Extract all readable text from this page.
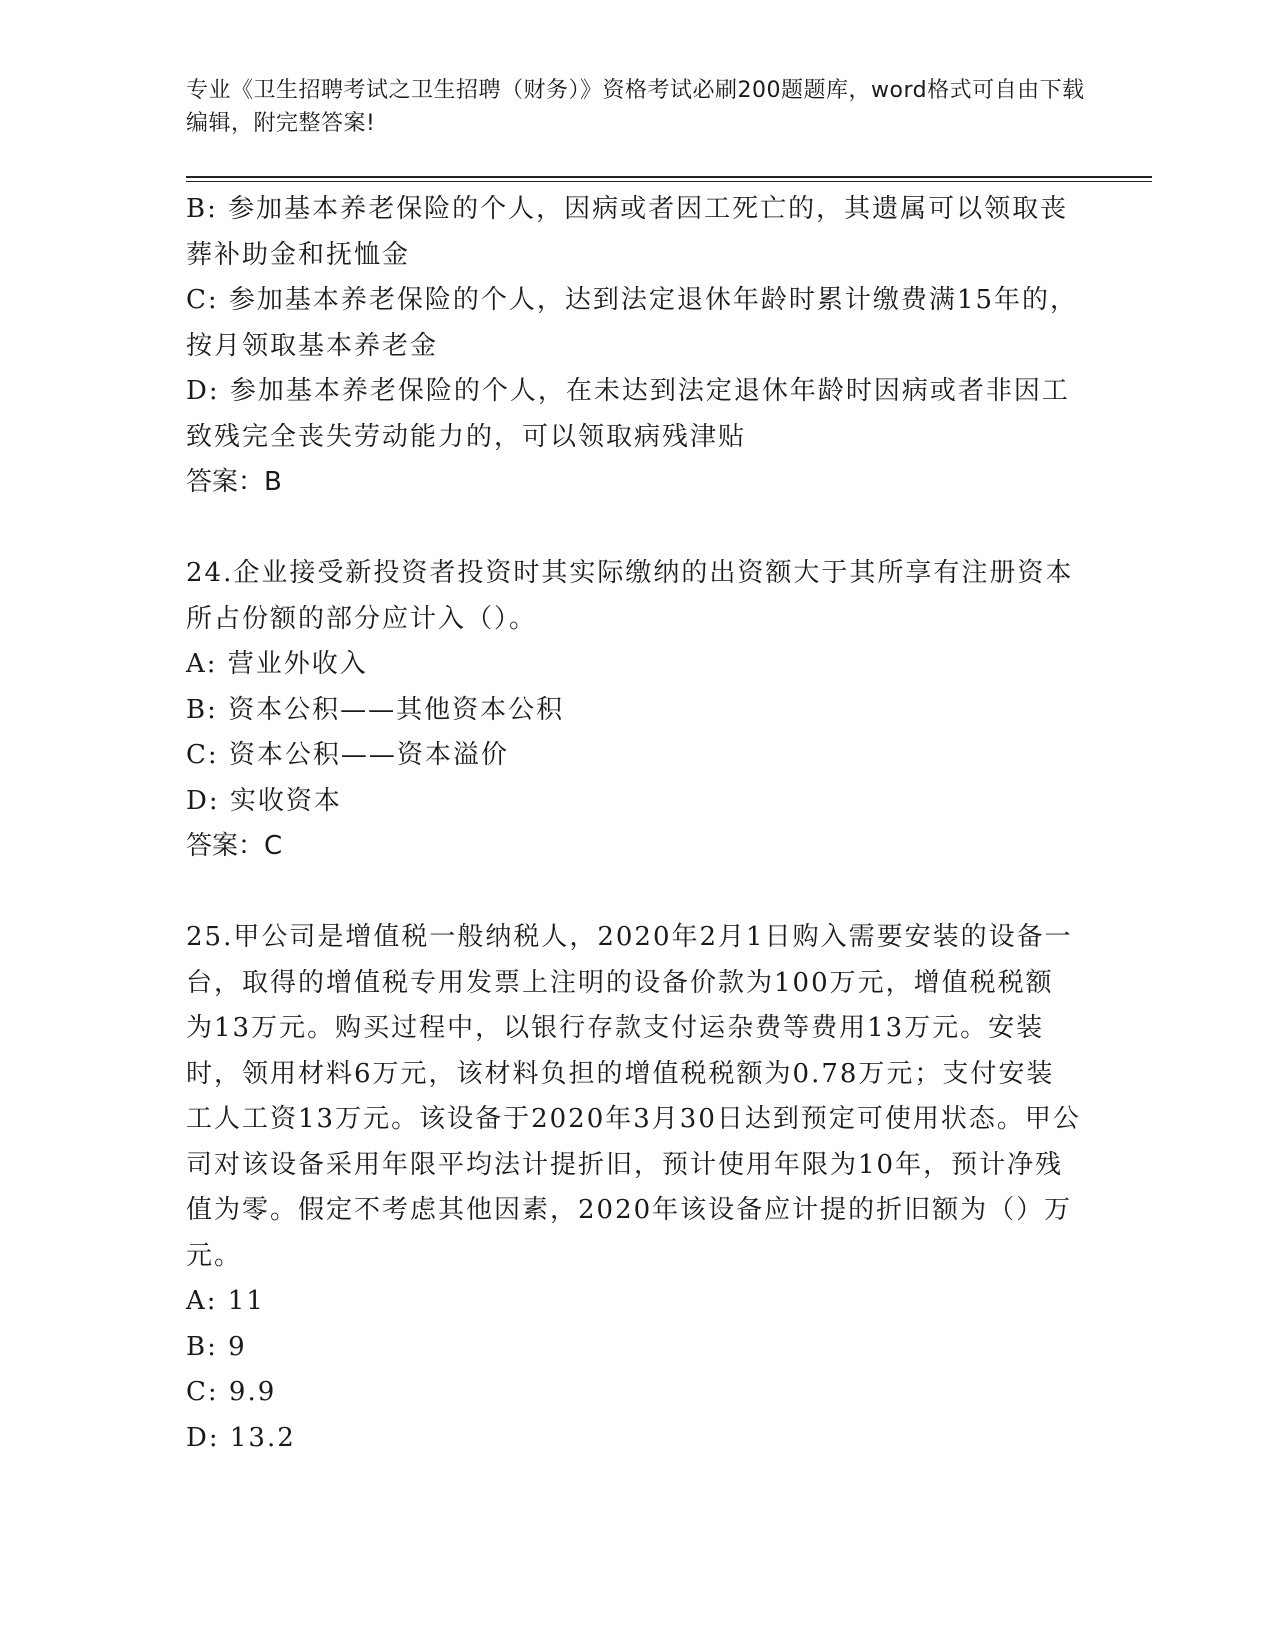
专业《卫生招聘考试之卫生招聘（财务）》资格考试必刷200题题库，word格式可自由下载编辑，附完整答案!

B: 参加基本养老保险的个人，因病或者因工死亡的，其遗属可以领取丧葬补助金和抚恤金

C: 参加基本养老保险的个人，达到法定退休年龄时累计缴费满15年的，按月领取基本养老金

D: 参加基本养老保险的个人，在未达到法定退休年龄时因病或者非因工致残完全丧失劳动能力的，可以领取病残津贴

答案：B

24.企业接受新投资者投资时其实际缴纳的出资额大于其所享有注册资本所占份额的部分应计入（）。

A: 营业外收入

B: 资本公积——其他资本公积

C: 资本公积——资本溢价

D: 实收资本

答案：C

25.甲公司是增值税一般纳税人，2020年2月1日购入需要安装的设备一台，取得的增值税专用发票上注明的设备价款为100万元，增值税税额为13万元。购买过程中，以银行存款支付运杂费等费用13万元。安装时，领用材料6万元，该材料负担的增值税税额为0.78万元；支付安装工人工资13万元。该设备于2020年3月30日达到预定可使用状态。甲公司对该设备采用年限平均法计提折旧，预计使用年限为10年，预计净残值为零。假定不考虑其他因素，2020年该设备应计提的折旧额为（）万元。

A: 11

B: 9

C: 9.9

D: 13.2
